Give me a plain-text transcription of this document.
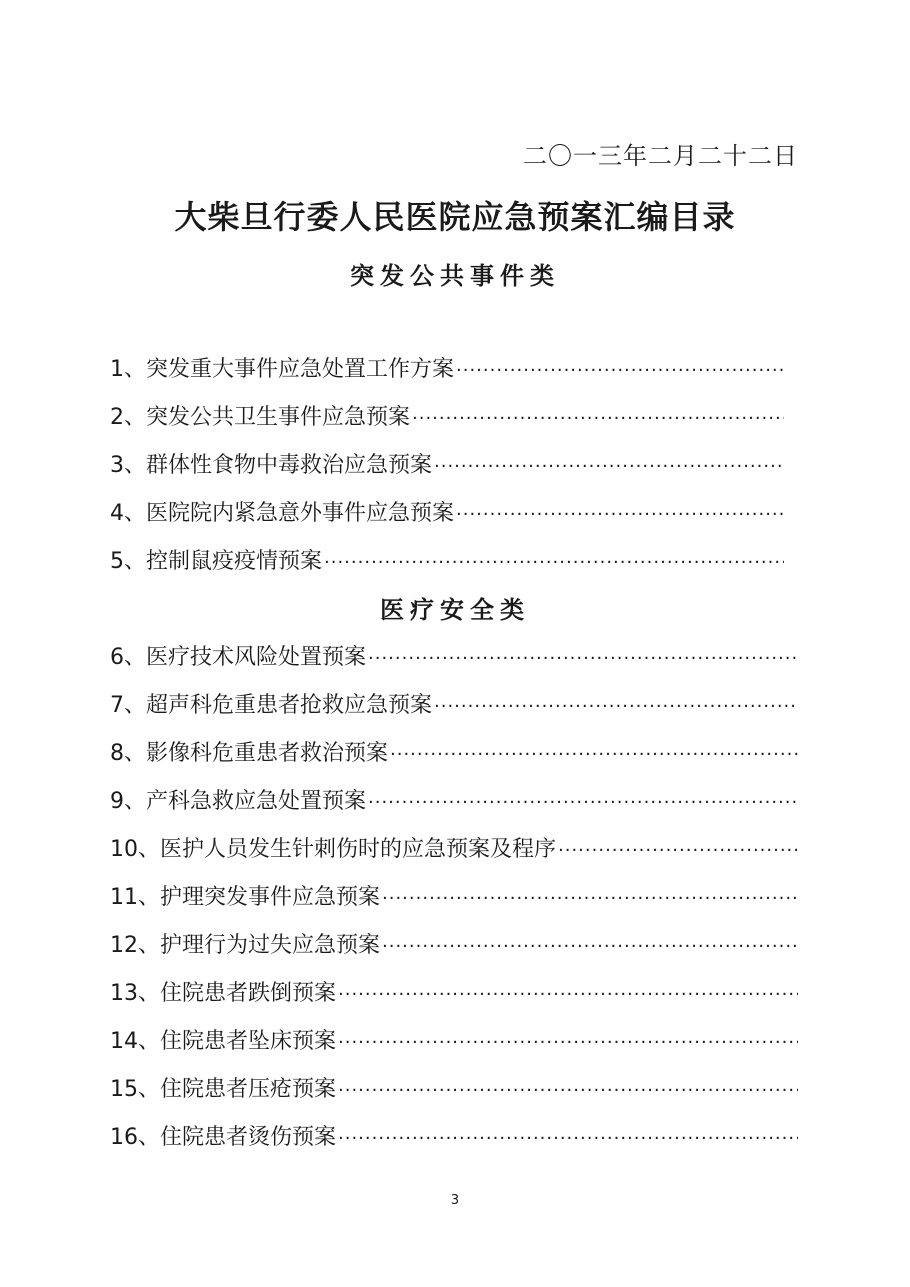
二〇一三年二月二十二日
大柴旦行委人民医院应急预案汇编目录
突发公共事件类
1、 突发重大事件应急处置工作方案
·····
2、 突发公共卫生事件应急预案
·····
3、 群体性食物中毒救治应急预案
·····
4、 医院院内紧急意外事件应急预案
·····
5、 控制鼠疫疫情预案
·····
医疗安全类
6、 医疗技术风险处置预案
·····
7、 超声科危重患者抢救应急预案
·····
8、 影像科危重患者救治预案
·····
9、 产科急救应急处置预案
·····
10、 医护人员发生针刺伤时的应急预案及程序
·····
11、 护理突发事件应急预案
·····
12、 护理行为过失应急预案
·····
13、 住院患者跌倒预案
·····
14、 住院患者坠床预案
·····
15、 住院患者压疮预案
·····
16、 住院患者烫伤预案
·····
3
